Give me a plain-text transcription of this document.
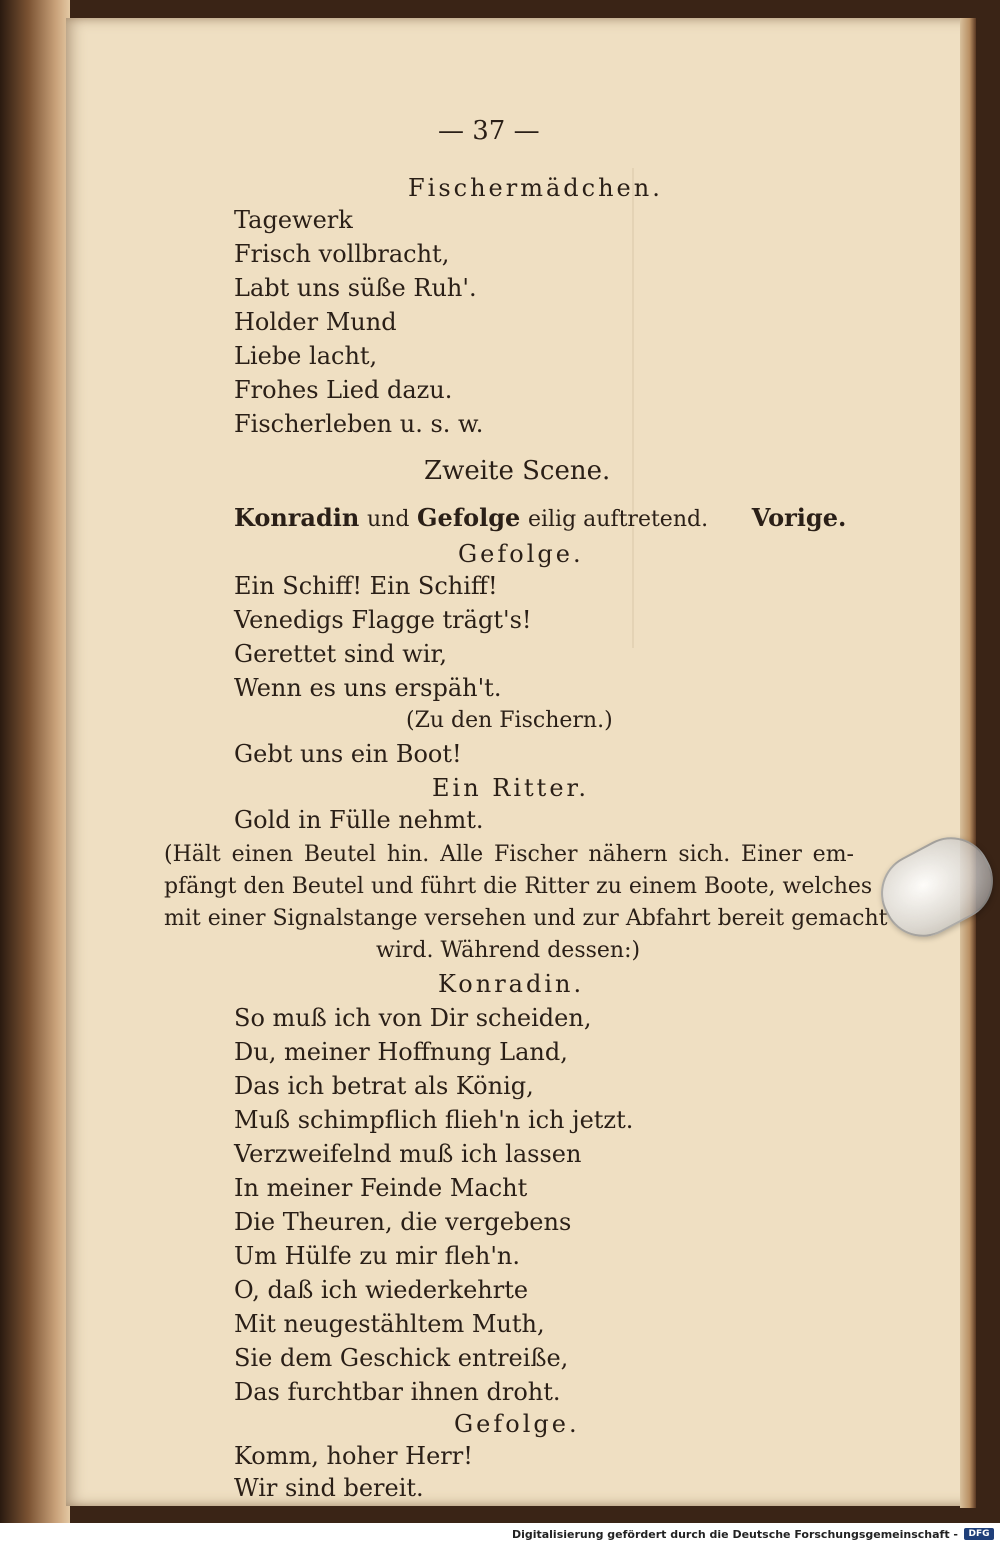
— 37 —

Fischermädchen.

Tagewerk

Frisch vollbracht,

Labt uns süße Ruh'.

Holder Mund

Liebe lacht,

Frohes Lied dazu.

Fischerleben u. s. w.

Zweite Scene.

Konradin und Gefolge eilig auftretend. Vorige.

Gefolge.

Ein Schiff! Ein Schiff!

Venedigs Flagge trägt's!

Gerettet sind wir,

Wenn es uns erspäh't.

(Zu den Fischern.)

Gebt uns ein Boot!

Ein Ritter.

Gold in Fülle nehmt.

(Hält einen Beutel hin. Alle Fischer nähern sich. Einer em-

pfängt den Beutel und führt die Ritter zu einem Boote, welches

mit einer Signalstange versehen und zur Abfahrt bereit gemacht

wird. Während dessen:)

Konradin.

So muß ich von Dir scheiden,

Du, meiner Hoffnung Land,

Das ich betrat als König,

Muß schimpflich flieh'n ich jetzt.

Verzweifelnd muß ich lassen

In meiner Feinde Macht

Die Theuren, die vergebens

Um Hülfe zu mir fleh'n.

O, daß ich wiederkehrte

Mit neugestähltem Muth,

Sie dem Geschick entreiße,

Das furchtbar ihnen droht.

Gefolge.

Komm, hoher Herr!

Wir sind bereit.

Digitalisierung gefördert durch die Deutsche Forschungsgemeinschaft -	DFG
